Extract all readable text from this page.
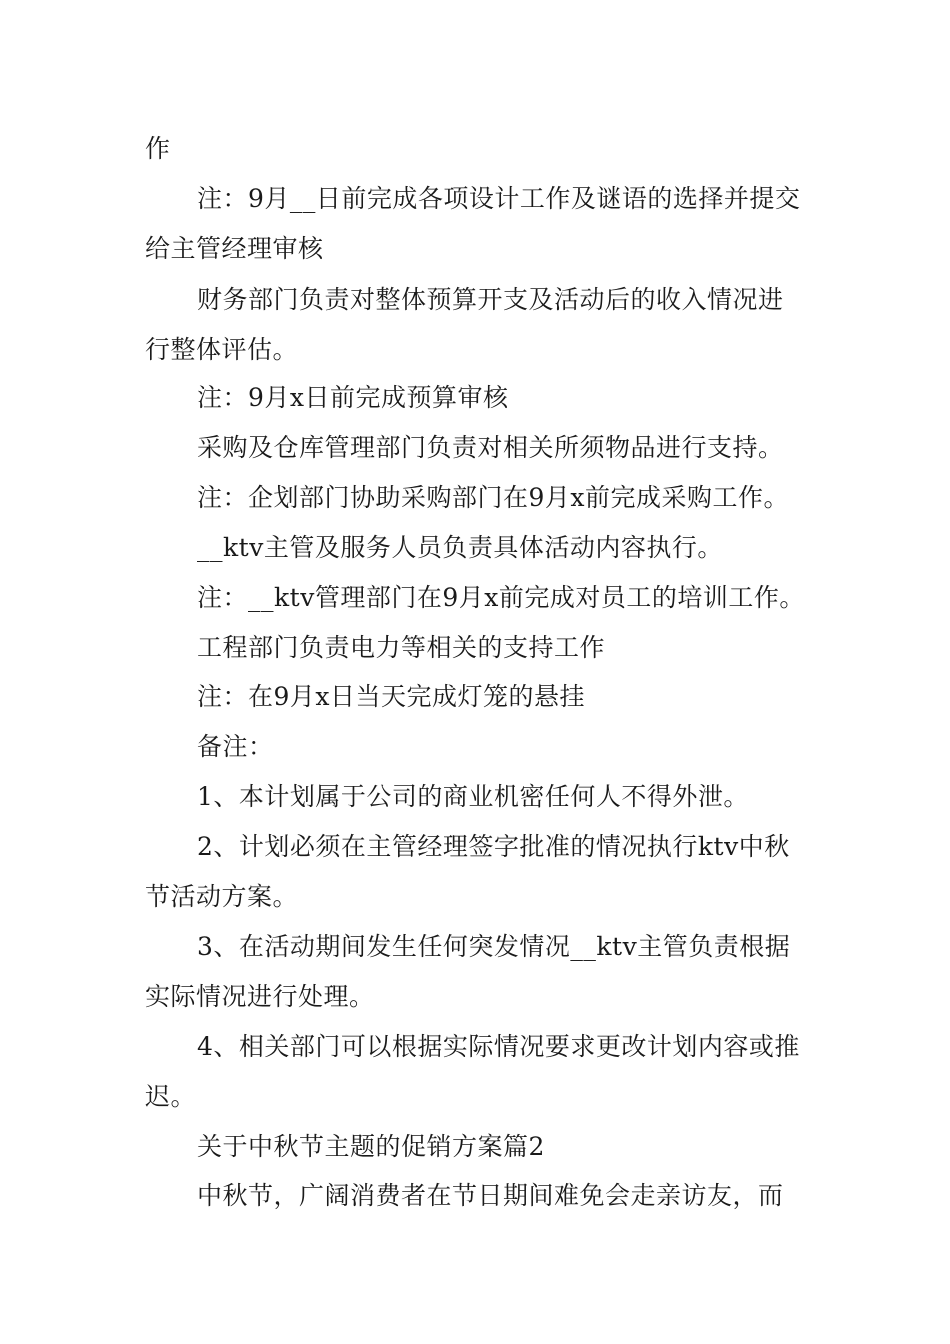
作
注：9月__日前完成各项设计工作及谜语的选择并提交
给主管经理审核
财务部门负责对整体预算开支及活动后的收入情况进
行整体评估。
注：9月x日前完成预算审核
采购及仓库管理部门负责对相关所须物品进行支持。
注：企划部门协助采购部门在9月x前完成采购工作。
__ktv主管及服务人员负责具体活动内容执行。
注：__ktv管理部门在9月x前完成对员工的培训工作。
工程部门负责电力等相关的支持工作
注：在9月x日当天完成灯笼的悬挂
备注：
1、本计划属于公司的商业机密任何人不得外泄。
2、计划必须在主管经理签字批准的情况执行ktv中秋
节活动方案。
3、在活动期间发生任何突发情况__ktv主管负责根据
实际情况进行处理。
4、相关部门可以根据实际情况要求更改计划内容或推
迟。
关于中秋节主题的促销方案篇2
中秋节，广阔消费者在节日期间难免会走亲访友，而
